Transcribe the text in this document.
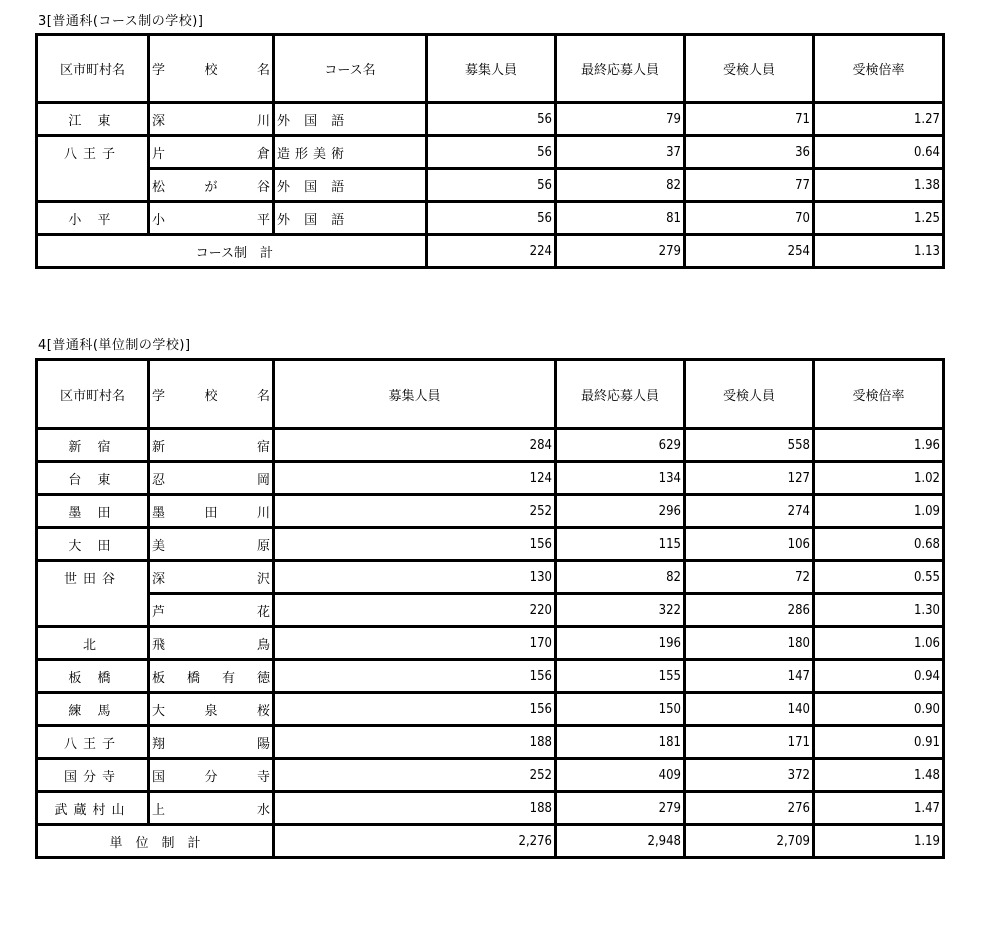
3[普通科(コース制の学校)]
区市町村名	学 校 名	コース名	募集人員	最終応募人員	受検人員	受検倍率
江 東	深 川	外 国 語	56	79	71	1.27
八王子	片 倉	造形美術	56	37	36	0.64

	松 が 谷	外 国 語	56	82	77	1.38
小 平	小 平	外 国 語	56	81	70	1.25
コース制　計			224	279	254	1.13
4[普通科(単位制の学校)]
区市町村名	学 校 名	募集人員	最終応募人員	受検人員	受検倍率
新 宿	新 宿	284	629	558	1.96
台 東	忍 岡	124	134	127	1.02
墨 田	墨 田 川	252	296	274	1.09
大 田	美 原	156	115	106	0.68
世田谷	深 沢	130	82	72	0.55

	芦 花	220	322	286	1.30
北	飛 鳥	170	196	180	1.06
板 橋	板 橋 有 徳	156	155	147	0.94
練 馬	大 泉 桜	156	150	140	0.90
八王子	翔 陽	188	181	171	0.91
国分寺	国 分 寺	252	409	372	1.48
武蔵村山	上 水	188	279	276	1.47
単　位　制　計		2,276	2,948	2,709	1.19
